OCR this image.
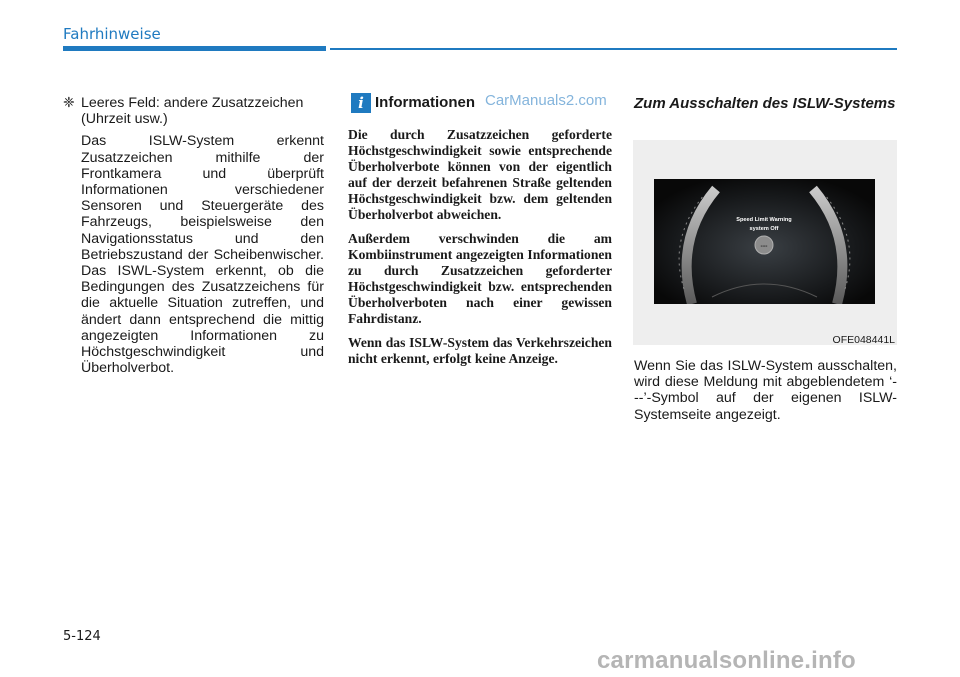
Fahrhinweise
❈ Leeres Feld: andere Zusatzzeichen
(Uhrzeit usw.)

Das ISLW-System erkennt Zusatzzeichen mithilfe der Frontkamera und überprüft Informationen verschiedener Sensoren und Steuergeräte des Fahrzeugs, beispielsweise den Navigationsstatus und den Betriebszustand der Scheibenwischer. Das ISWL-System erkennt, ob die Bedingungen des Zusatzzeichens für die aktuelle Situation zutreffen, und ändert dann entsprechend die mittig angezeigten Informationen zu Höchstgeschwindigkeit und Überholverbot.

i Informationen CarManuals2.com

Die durch Zusatzzeichen geforderte Höchstgeschwindigkeit sowie entsprechende Überholverbote können von der eigentlich auf der derzeit befahrenen Straße geltenden Höchstgeschwindigkeit bzw. dem geltenden Überholverbot abweichen.

Außerdem verschwinden die am Kombiinstrument angezeigten Informationen zu durch Zusatzzeichen geforderter Höchstgeschwindigkeit bzw. entsprechenden Überholverboten nach einer gewissen Fahrdistanz.

Wenn das ISLW-System das Verkehrszeichen nicht erkennt, erfolgt keine Anzeige.

Zum Ausschalten des ISLW-Systems
Speed Limit Warning
system Off
---
OFE048441L
Wenn Sie das ISLW-System ausschalten, wird diese Meldung mit abgeblendetem ‘---’-Symbol auf der eigenen ISLW-Systemseite angezeigt.
5-124
carmanualsonline.info
